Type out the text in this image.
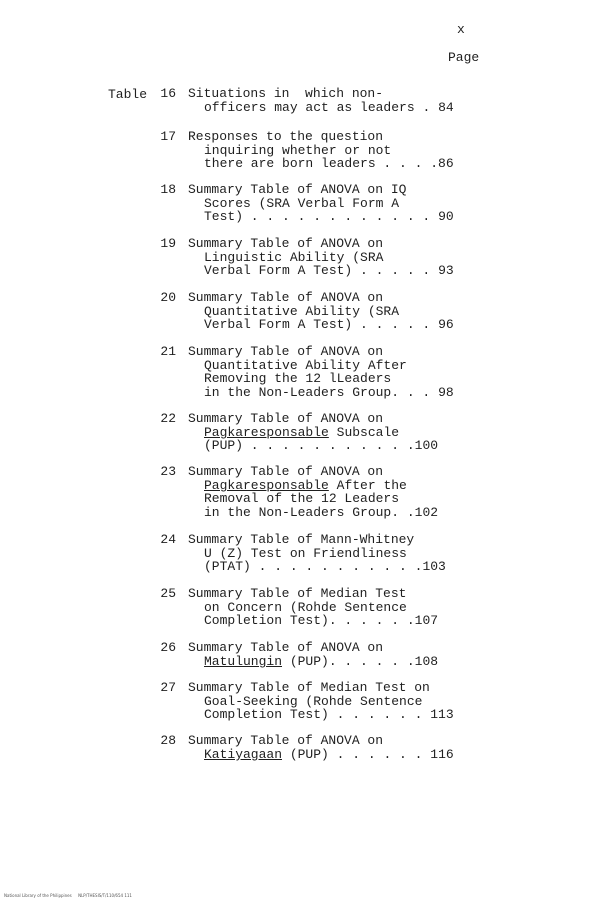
x
Page
Table	16 Situations in  which non-
officers may act as leaders . 84
17 Responses to the question
inquiring whether or not
there are born leaders . . . .86
18 Summary Table of ANOVA on IQ
Scores (SRA Verbal Form A
Test) . . . . . . . . . . . . 90
19 Summary Table of ANOVA on
Linguistic Ability (SRA
Verbal Form A Test) . . . . . 93
20 Summary Table of ANOVA on
Quantitative Ability (SRA
Verbal Form A Test) . . . . . 96
21 Summary Table of ANOVA on
Quantitative Ability After
Removing the 12 lLeaders
in the Non-Leaders Group. . . 98
22 Summary Table of ANOVA on
Pagkaresponsable Subscale
(PUP) . . . . . . . . . . .100
23 Summary Table of ANOVA on
Pagkaresponsable After the
Removal of the 12 Leaders
in the Non-Leaders Group. .102
24 Summary Table of Mann-Whitney
U (Z) Test on Friendliness
(PTAT) . . . . . . . . . . .103
25 Summary Table of Median Test
on Concern (Rohde Sentence
Completion Test). . . . . .107
26 Summary Table of ANOVA on
Matulungin (PUP). . . . . .108
27 Summary Table of Median Test on
Goal-Seeking (Rohde Sentence
Completion Test) . . . . . . 113
28 Summary Table of ANOVA on
Katiyagaan (PUP) . . . . . . 116
National Library of the Philippines NLP/THESIS/T/110/654 111
